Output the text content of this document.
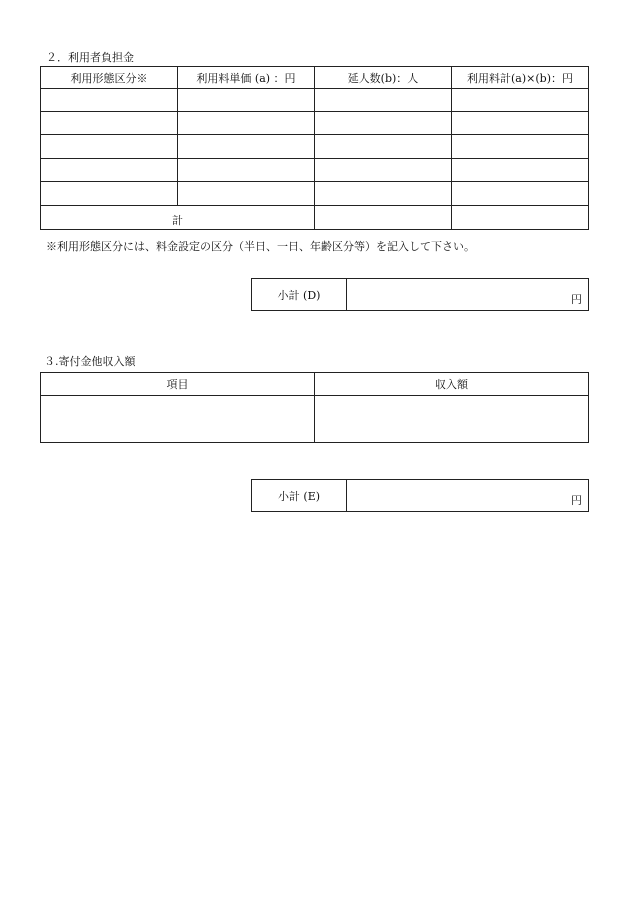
２．利用者負担金
利用形態区分※	利用料単価 (a) ：円	延人数(b)：人	利用料計(a)×(b)：円

計			
※利用形態区分には、料金設定の区分（半日、一日、年齢区分等）を記入して下さい。
小計 (D)	円
３.寄付金他収入額
項目	収入額

小計 (E)	円
